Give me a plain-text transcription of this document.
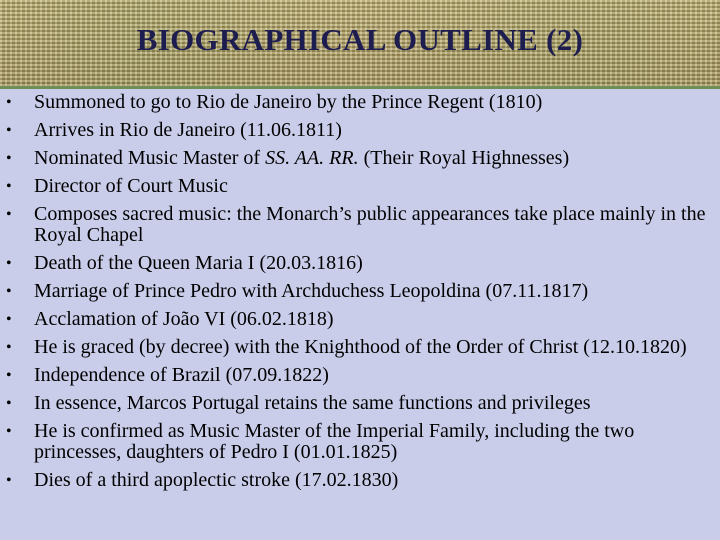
BIOGRAPHICAL OUTLINE (2)
• Summoned to go to Rio de Janeiro by the Prince Regent (1810)
• Arrives in Rio de Janeiro (11.06.1811)
• Nominated Music Master of SS. AA. RR. (Their Royal Highnesses)
• Director of Court Music
• Composes sacred music: the Monarch’s public appearances take place mainly in the Royal Chapel
• Death of the Queen Maria I (20.03.1816)
• Marriage of Prince Pedro with Archduchess Leopoldina (07.11.1817)
• Acclamation of João VI (06.02.1818)
• He is graced (by decree) with the Knighthood of the Order of Christ (12.10.1820)
• Independence of Brazil (07.09.1822)
• In essence, Marcos Portugal retains the same functions and privileges
• He is confirmed as Music Master of the Imperial Family, including the two princesses, daughters of Pedro I (01.01.1825)
• Dies of a third apoplectic stroke (17.02.1830)
